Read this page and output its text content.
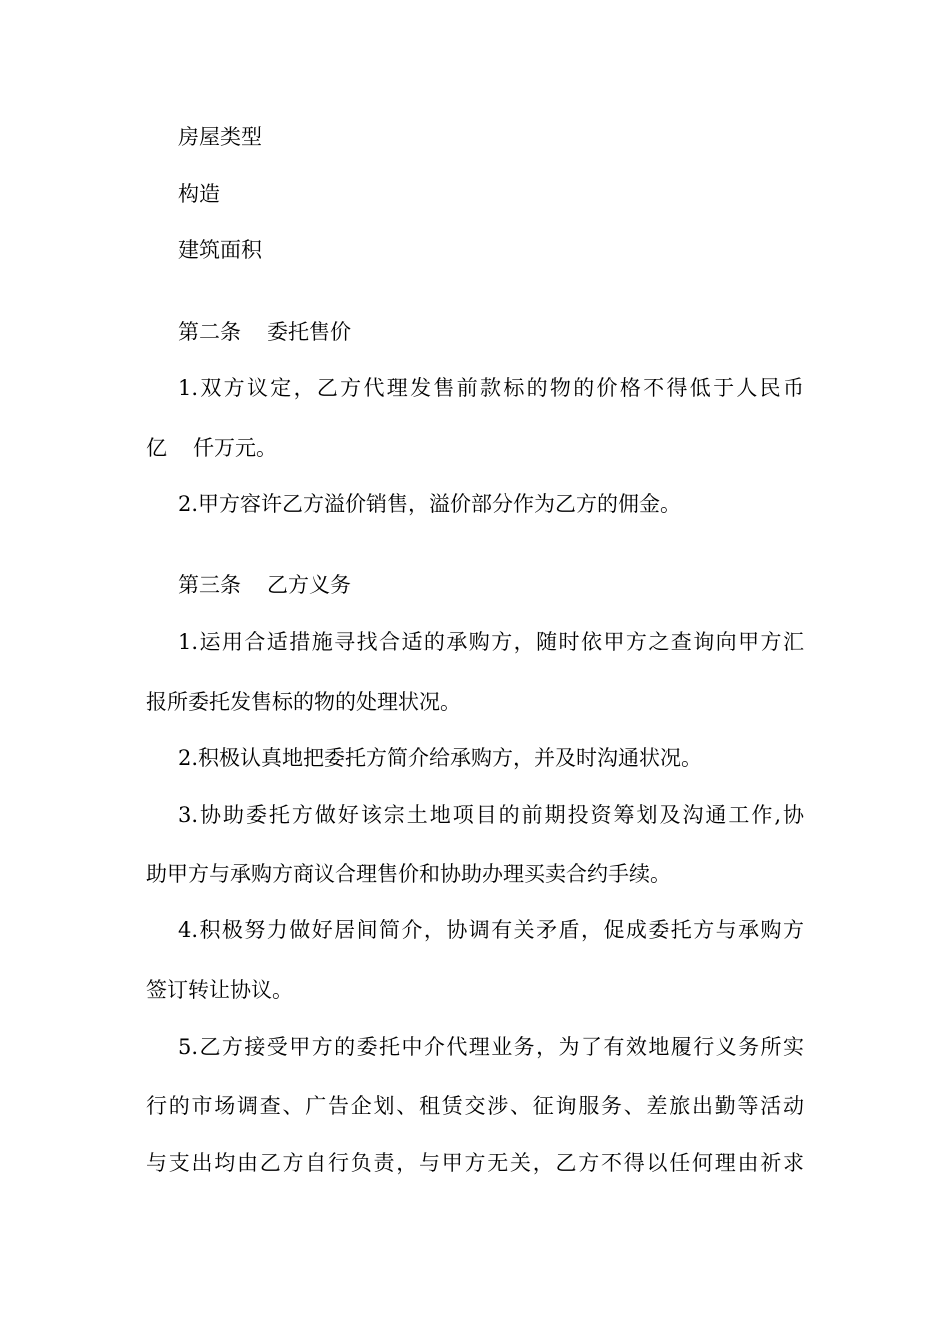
房屋类型
构造
建筑面积
第二条 委托售价
1.双方议定，乙方代理发售前款标的物的价格不得低于人民币
亿 仟万元。
2.甲方容许乙方溢价销售，溢价部分作为乙方的佣金。
第三条 乙方义务
1.运用合适措施寻找合适的承购方，随时依甲方之查询向甲方汇
报所委托发售标的物的处理状况。
2.积极认真地把委托方简介给承购方，并及时沟通状况。
3.协助委托方做好该宗土地项目的前期投资筹划及沟通工作,协
助甲方与承购方商议合理售价和协助办理买卖合约手续。
4.积极努力做好居间简介，协调有关矛盾，促成委托方与承购方
签订转让协议。
5.乙方接受甲方的委托中介代理业务，为了有效地履行义务所实
行的市场调查、广告企划、租赁交涉、征询服务、差旅出勤等活动
与支出均由乙方自行负责，与甲方无关，乙方不得以任何理由祈求
